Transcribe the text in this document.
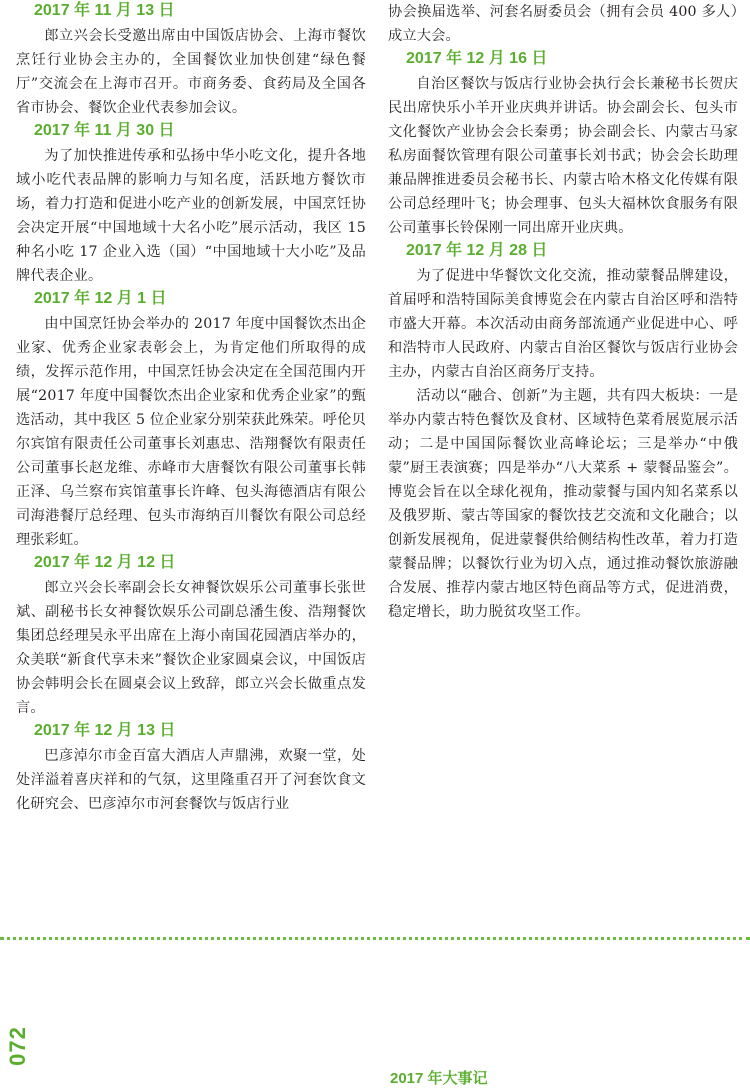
2017 年 11 月 13 日

郎立兴会长受邀出席由中国饭店协会、上海市餐饮烹饪行业协会主办的，全国餐饮业加快创建“绿色餐厅”交流会在上海市召开。市商务委、食药局及全国各省市协会、餐饮企业代表参加会议。

2017 年 11 月 30 日

为了加快推进传承和弘扬中华小吃文化，提升各地域小吃代表品牌的影响力与知名度，活跃地方餐饮市场，着力打造和促进小吃产业的创新发展，中国烹饪协会决定开展“中国地域十大名小吃”展示活动，我区 15 种名小吃 17 企业入选（国）“中国地域十大小吃”及品牌代表企业。

2017 年 12 月 1 日

由中国烹饪协会举办的 2017 年度中国餐饮杰出企业家、优秀企业家表彰会上，为肯定他们所取得的成绩，发挥示范作用，中国烹饪协会决定在全国范围内开展“2017 年度中国餐饮杰出企业家和优秀企业家”的甄选活动，其中我区 5 位企业家分别荣获此殊荣。呼伦贝尔宾馆有限责任公司董事长刘惠忠、浩翔餐饮有限责任公司董事长赵龙维、赤峰市大唐餐饮有限公司董事长韩正泽、乌兰察布宾馆董事长许峰、包头海德酒店有限公司海港餐厅总经理、包头市海纳百川餐饮有限公司总经理张彩虹。

2017 年 12 月 12 日

郎立兴会长率副会长女神餐饮娱乐公司董事长张世斌、副秘书长女神餐饮娱乐公司副总潘生俊、浩翔餐饮集团总经理吴永平出席在上海小南国花园酒店举办的，众美联“新食代享未来”餐饮企业家圆桌会议，中国饭店协会韩明会长在圆桌会议上致辞，郎立兴会长做重点发言。

2017 年 12 月 13 日

巴彦淖尔市金百富大酒店人声鼎沸，欢聚一堂，处处洋溢着喜庆祥和的气氛，这里隆重召开了河套饮食文化研究会、巴彦淖尔市河套餐饮与饭店行业

协会换届选举、河套名厨委员会（拥有会员 400 多人）成立大会。

2017 年 12 月 16 日

自治区餐饮与饭店行业协会执行会长兼秘书长贺庆民出席快乐小羊开业庆典并讲话。协会副会长、包头市文化餐饮产业协会会长秦勇；协会副会长、内蒙古马家私房面餐饮管理有限公司董事长刘书武；协会会长助理兼品牌推进委员会秘书长、内蒙古哈木格文化传媒有限公司总经理叶飞；协会理事、包头大福林饮食服务有限公司董事长铃保刚一同出席开业庆典。

2017 年 12 月 28 日

为了促进中华餐饮文化交流，推动蒙餐品牌建设，首届呼和浩特国际美食博览会在内蒙古自治区呼和浩特市盛大开幕。本次活动由商务部流通产业促进中心、呼和浩特市人民政府、内蒙古自治区餐饮与饭店行业协会主办，内蒙古自治区商务厅支持。

活动以“融合、创新”为主题，共有四大板块：一是举办内蒙古特色餐饮及食材、区域特色菜肴展览展示活动；二是中国国际餐饮业高峰论坛；三是举办“中俄蒙”厨王表演赛；四是举办“八大菜系 + 蒙餐品鉴会”。博览会旨在以全球化视角，推动蒙餐与国内知名菜系以及俄罗斯、蒙古等国家的餐饮技艺交流和文化融合；以创新发展视角，促进蒙餐供给侧结构性改革，着力打造蒙餐品牌；以餐饮行业为切入点，通过推动餐饮旅游融合发展、推荐内蒙古地区特色商品等方式，促进消费，稳定增长，助力脱贫攻坚工作。

072
2017 年大事记
